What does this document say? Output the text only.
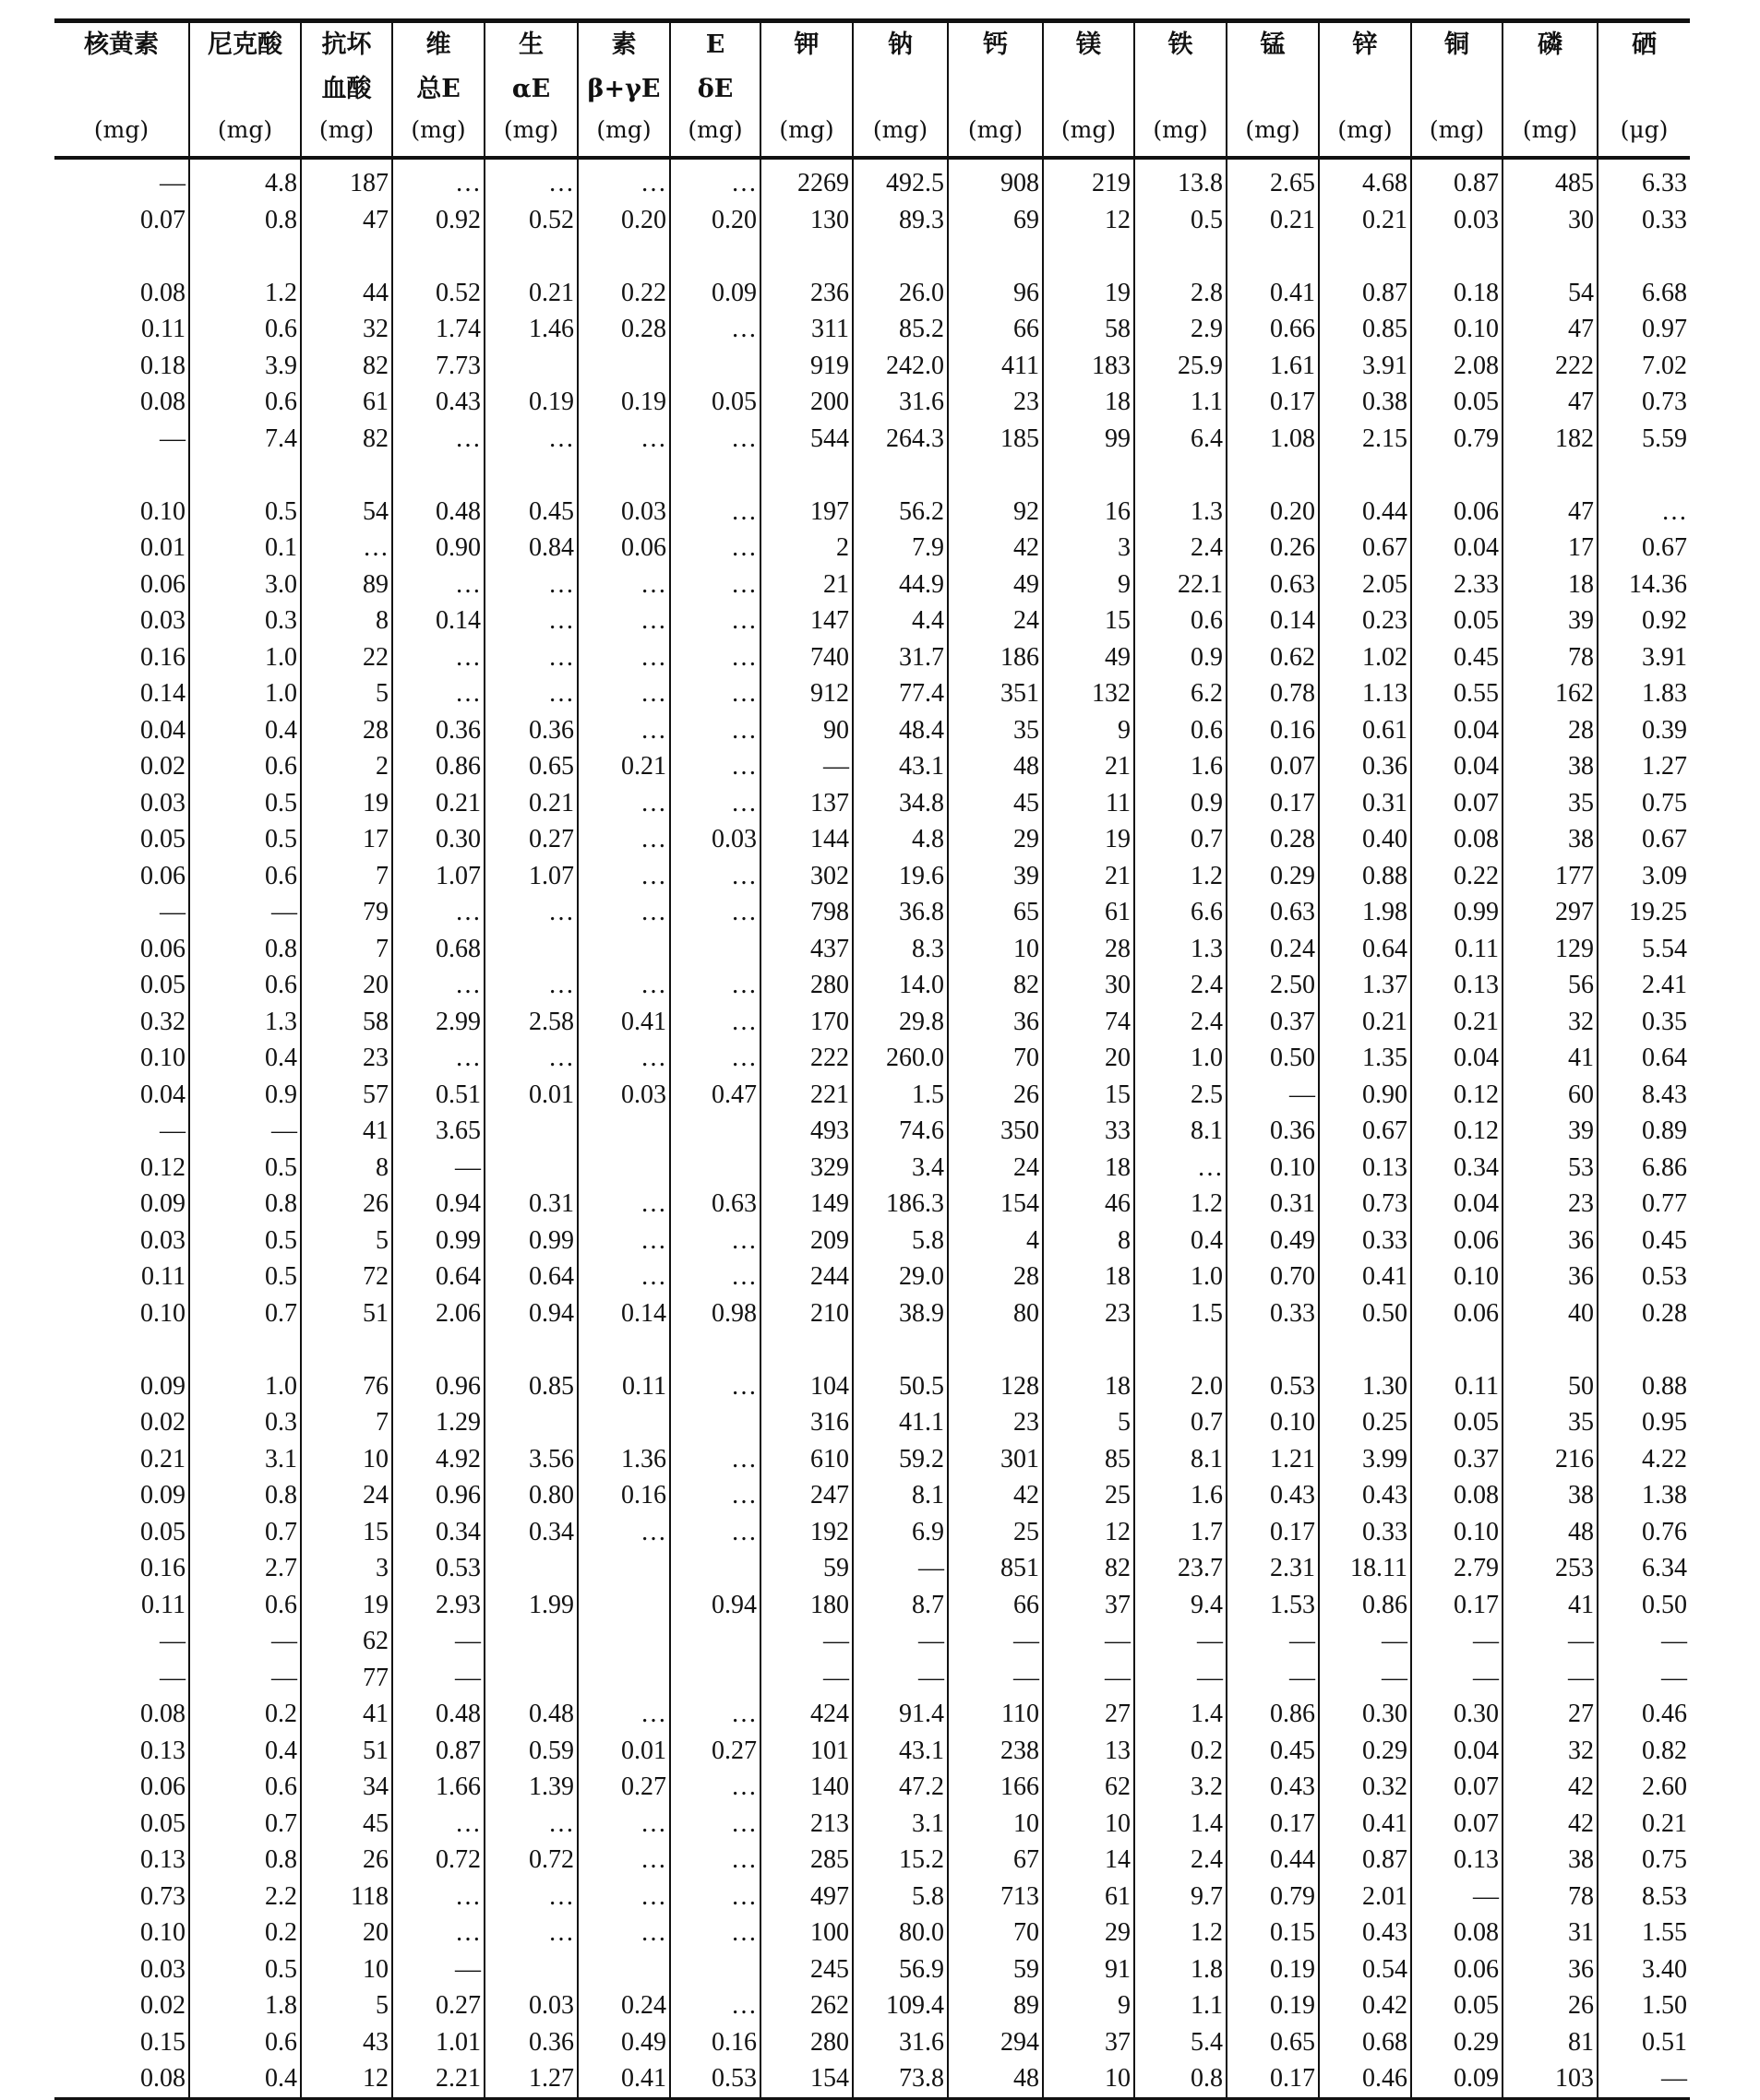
核黄素	尼克酸	抗坏	维	生	素	E	钾	钠	钙	镁	铁	锰	锌	铜	磷	硒
		血酸	总E	αE	β+γE	δE										
(mg)	(mg)	(mg)	(mg)	(mg)	(mg)	(mg)	(mg)	(mg)	(mg)	(mg)	(mg)	(mg)	(mg)	(mg)	(mg)	(μg)
—	4.8	187	…	…	…	…	2269	492.5	908	219	13.8	2.65	4.68	0.87	485	6.33
0.07	0.8	47	0.92	0.52	0.20	0.20	130	89.3	69	12	0.5	0.21	0.21	0.03	30	0.33

0.08	1.2	44	0.52	0.21	0.22	0.09	236	26.0	96	19	2.8	0.41	0.87	0.18	54	6.68
0.11	0.6	32	1.74	1.46	0.28	…	311	85.2	66	58	2.9	0.66	0.85	0.10	47	0.97
0.18	3.9	82	7.73				919	242.0	411	183	25.9	1.61	3.91	2.08	222	7.02
0.08	0.6	61	0.43	0.19	0.19	0.05	200	31.6	23	18	1.1	0.17	0.38	0.05	47	0.73
—	7.4	82	…	…	…	…	544	264.3	185	99	6.4	1.08	2.15	0.79	182	5.59

0.10	0.5	54	0.48	0.45	0.03	…	197	56.2	92	16	1.3	0.20	0.44	0.06	47	…
0.01	0.1	…	0.90	0.84	0.06	…	2	7.9	42	3	2.4	0.26	0.67	0.04	17	0.67
0.06	3.0	89	…	…	…	…	21	44.9	49	9	22.1	0.63	2.05	2.33	18	14.36
0.03	0.3	8	0.14	…	…	…	147	4.4	24	15	0.6	0.14	0.23	0.05	39	0.92
0.16	1.0	22	…	…	…	…	740	31.7	186	49	0.9	0.62	1.02	0.45	78	3.91
0.14	1.0	5	…	…	…	…	912	77.4	351	132	6.2	0.78	1.13	0.55	162	1.83
0.04	0.4	28	0.36	0.36	…	…	90	48.4	35	9	0.6	0.16	0.61	0.04	28	0.39
0.02	0.6	2	0.86	0.65	0.21	…	—	43.1	48	21	1.6	0.07	0.36	0.04	38	1.27
0.03	0.5	19	0.21	0.21	…	…	137	34.8	45	11	0.9	0.17	0.31	0.07	35	0.75
0.05	0.5	17	0.30	0.27	…	0.03	144	4.8	29	19	0.7	0.28	0.40	0.08	38	0.67
0.06	0.6	7	1.07	1.07	…	…	302	19.6	39	21	1.2	0.29	0.88	0.22	177	3.09
—	—	79	…	…	…	…	798	36.8	65	61	6.6	0.63	1.98	0.99	297	19.25
0.06	0.8	7	0.68				437	8.3	10	28	1.3	0.24	0.64	0.11	129	5.54
0.05	0.6	20	…	…	…	…	280	14.0	82	30	2.4	2.50	1.37	0.13	56	2.41
0.32	1.3	58	2.99	2.58	0.41	…	170	29.8	36	74	2.4	0.37	0.21	0.21	32	0.35
0.10	0.4	23	…	…	…	…	222	260.0	70	20	1.0	0.50	1.35	0.04	41	0.64
0.04	0.9	57	0.51	0.01	0.03	0.47	221	1.5	26	15	2.5	—	0.90	0.12	60	8.43
—	—	41	3.65				493	74.6	350	33	8.1	0.36	0.67	0.12	39	0.89
0.12	0.5	8	—				329	3.4	24	18	…	0.10	0.13	0.34	53	6.86
0.09	0.8	26	0.94	0.31	…	0.63	149	186.3	154	46	1.2	0.31	0.73	0.04	23	0.77
0.03	0.5	5	0.99	0.99	…	…	209	5.8	4	8	0.4	0.49	0.33	0.06	36	0.45
0.11	0.5	72	0.64	0.64	…	…	244	29.0	28	18	1.0	0.70	0.41	0.10	36	0.53
0.10	0.7	51	2.06	0.94	0.14	0.98	210	38.9	80	23	1.5	0.33	0.50	0.06	40	0.28

0.09	1.0	76	0.96	0.85	0.11	…	104	50.5	128	18	2.0	0.53	1.30	0.11	50	0.88
0.02	0.3	7	1.29				316	41.1	23	5	0.7	0.10	0.25	0.05	35	0.95
0.21	3.1	10	4.92	3.56	1.36	…	610	59.2	301	85	8.1	1.21	3.99	0.37	216	4.22
0.09	0.8	24	0.96	0.80	0.16	…	247	8.1	42	25	1.6	0.43	0.43	0.08	38	1.38
0.05	0.7	15	0.34	0.34	…	…	192	6.9	25	12	1.7	0.17	0.33	0.10	48	0.76
0.16	2.7	3	0.53				59	—	851	82	23.7	2.31	18.11	2.79	253	6.34
0.11	0.6	19	2.93	1.99		0.94	180	8.7	66	37	9.4	1.53	0.86	0.17	41	0.50
—	—	62	—				—	—	—	—	—	—	—	—	—	—
—	—	77	—				—	—	—	—	—	—	—	—	—	—
0.08	0.2	41	0.48	0.48	…	…	424	91.4	110	27	1.4	0.86	0.30	0.30	27	0.46
0.13	0.4	51	0.87	0.59	0.01	0.27	101	43.1	238	13	0.2	0.45	0.29	0.04	32	0.82
0.06	0.6	34	1.66	1.39	0.27	…	140	47.2	166	62	3.2	0.43	0.32	0.07	42	2.60
0.05	0.7	45	…	…	…	…	213	3.1	10	10	1.4	0.17	0.41	0.07	42	0.21
0.13	0.8	26	0.72	0.72	…	…	285	15.2	67	14	2.4	0.44	0.87	0.13	38	0.75
0.73	2.2	118	…	…	…	…	497	5.8	713	61	9.7	0.79	2.01	—	78	8.53
0.10	0.2	20	…	…	…	…	100	80.0	70	29	1.2	0.15	0.43	0.08	31	1.55
0.03	0.5	10	—				245	56.9	59	91	1.8	0.19	0.54	0.06	36	3.40
0.02	1.8	5	0.27	0.03	0.24	…	262	109.4	89	9	1.1	0.19	0.42	0.05	26	1.50
0.15	0.6	43	1.01	0.36	0.49	0.16	280	31.6	294	37	5.4	0.65	0.68	0.29	81	0.51
0.08	0.4	12	2.21	1.27	0.41	0.53	154	73.8	48	10	0.8	0.17	0.46	0.09	103	—
